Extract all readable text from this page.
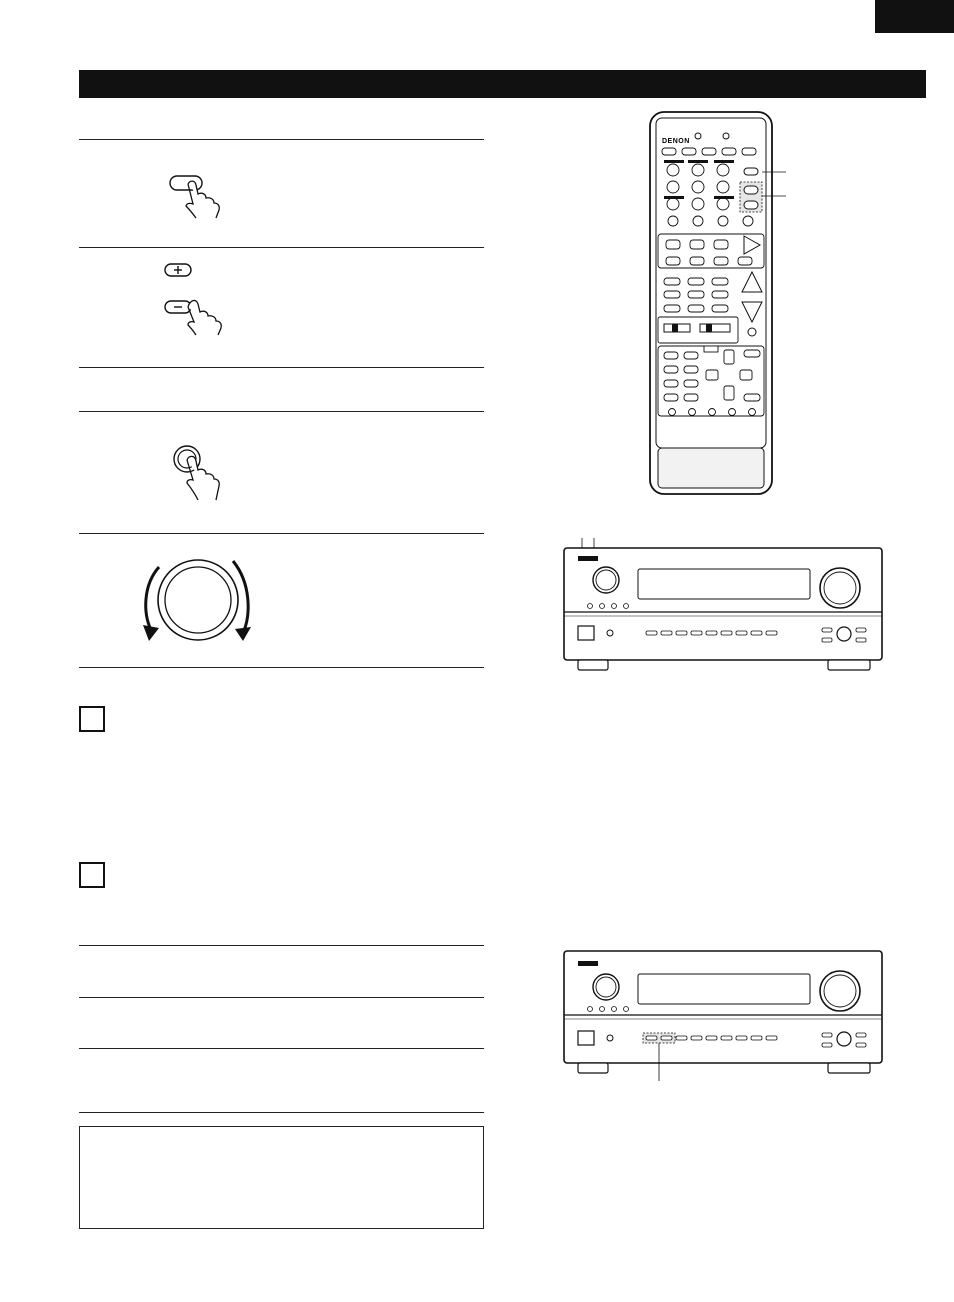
DENON
